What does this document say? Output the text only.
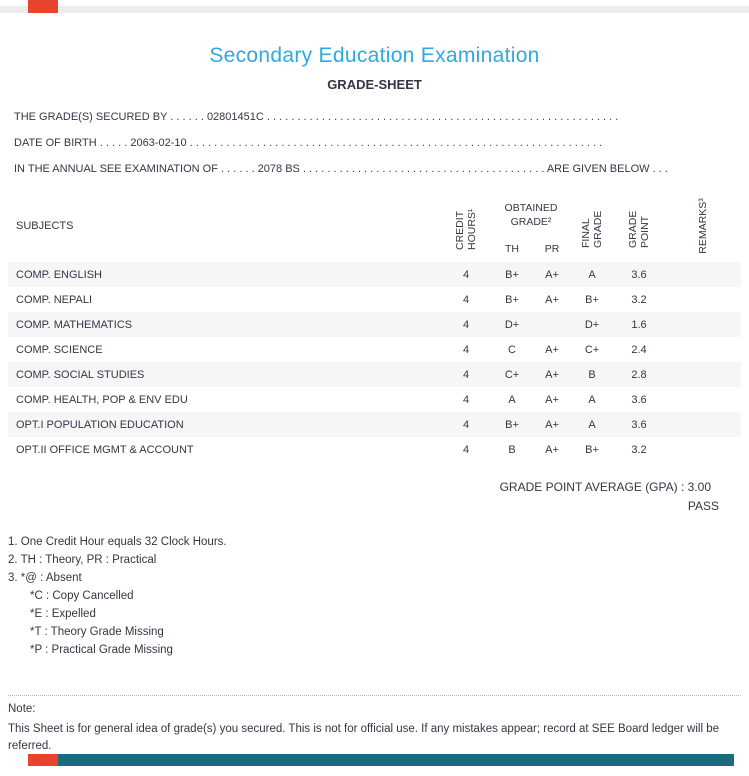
Secondary Education Examination
GRADE-SHEET
THE GRADE(S) SECURED BY . . . . . . 02801451C . . . . . . . . . . . . . . . . . . . . . . . . . . . . . . . . . . . . . . . . . . . . . . . . . . . . . . . . . .
DATE OF BIRTH . . . . . 2063-02-10 . . . . . . . . . . . . . . . . . . . . . . . . . . . . . . . . . . . . . . . . . . . . . . . . . . . . . . . . . . . . . . . . . . . .
IN THE ANNUAL SEE EXAMINATION OF . . . . . . 2078 BS . . . . . . . . . . . . . . . . . . . . . . . . . . . . . . . . . . . . . . . . ARE GIVEN BELOW . . .
SUBJECTS	CREDIT HOURS¹	OBTAINED GRADE²		FINAL GRADE	GRADE POINT	REMARKS³

		TH	PR			
COMP. ENGLISH	4	B+	A+	A	3.6	
COMP. NEPALI	4	B+	A+	B+	3.2	
COMP. MATHEMATICS	4	D+		D+	1.6	
COMP. SCIENCE	4	C	A+	C+	2.4	
COMP. SOCIAL STUDIES	4	C+	A+	B	2.8	
COMP. HEALTH, POP & ENV EDU	4	A	A+	A	3.6	
OPT.I POPULATION EDUCATION	4	B+	A+	A	3.6	
OPT.II OFFICE MGMT & ACCOUNT	4	B	A+	B+	3.2	
GRADE POINT AVERAGE (GPA) : 3.00
PASS
1. One Credit Hour equals 32 Clock Hours.
2. TH : Theory, PR : Practical
3. *@ : Absent
*C : Copy Cancelled
*E : Expelled
*T : Theory Grade Missing
*P : Practical Grade Missing
Note:
This Sheet is for general idea of grade(s) you secured. This is not for official use. If any mistakes appear; record at SEE Board ledger will be referred.
